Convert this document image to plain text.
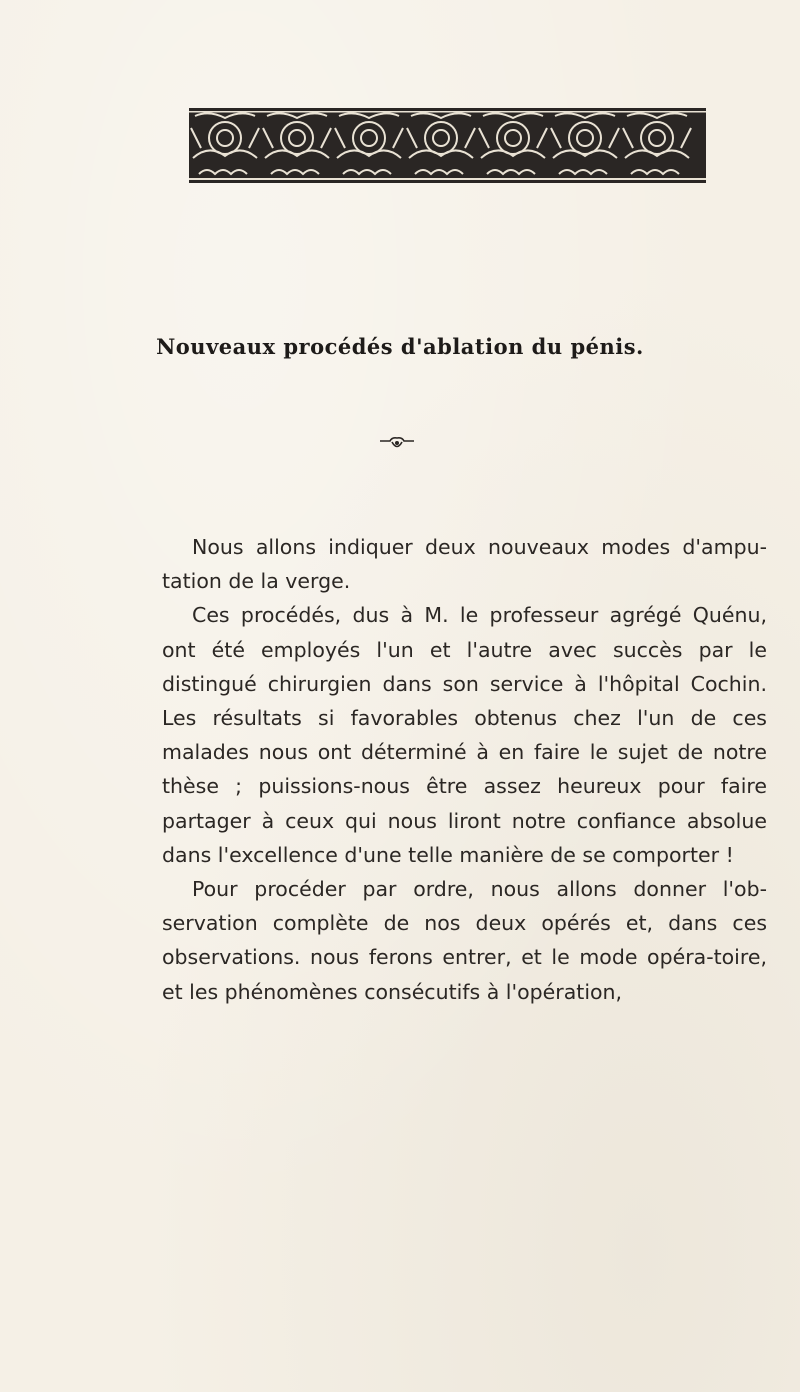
Nouveaux procédés d'ablation du pénis.

Nous allons indiquer deux nouveaux modes d'ampu-tation de la verge.

Ces procédés, dus à M. le professeur agrégé Quénu, ont été employés l'un et l'autre avec succès par le distingué chirurgien dans son service à l'hôpital Cochin. Les résultats si favorables obtenus chez l'un de ces malades nous ont déterminé à en faire le sujet de notre thèse ; puissions-nous être assez heureux pour faire partager à ceux qui nous liront notre confiance absolue dans l'excellence d'une telle manière de se comporter !

Pour procéder par ordre, nous allons donner l'ob-servation complète de nos deux opérés et, dans ces observations. nous ferons entrer, et le mode opéra-toire, et les phénomènes consécutifs à l'opération,
